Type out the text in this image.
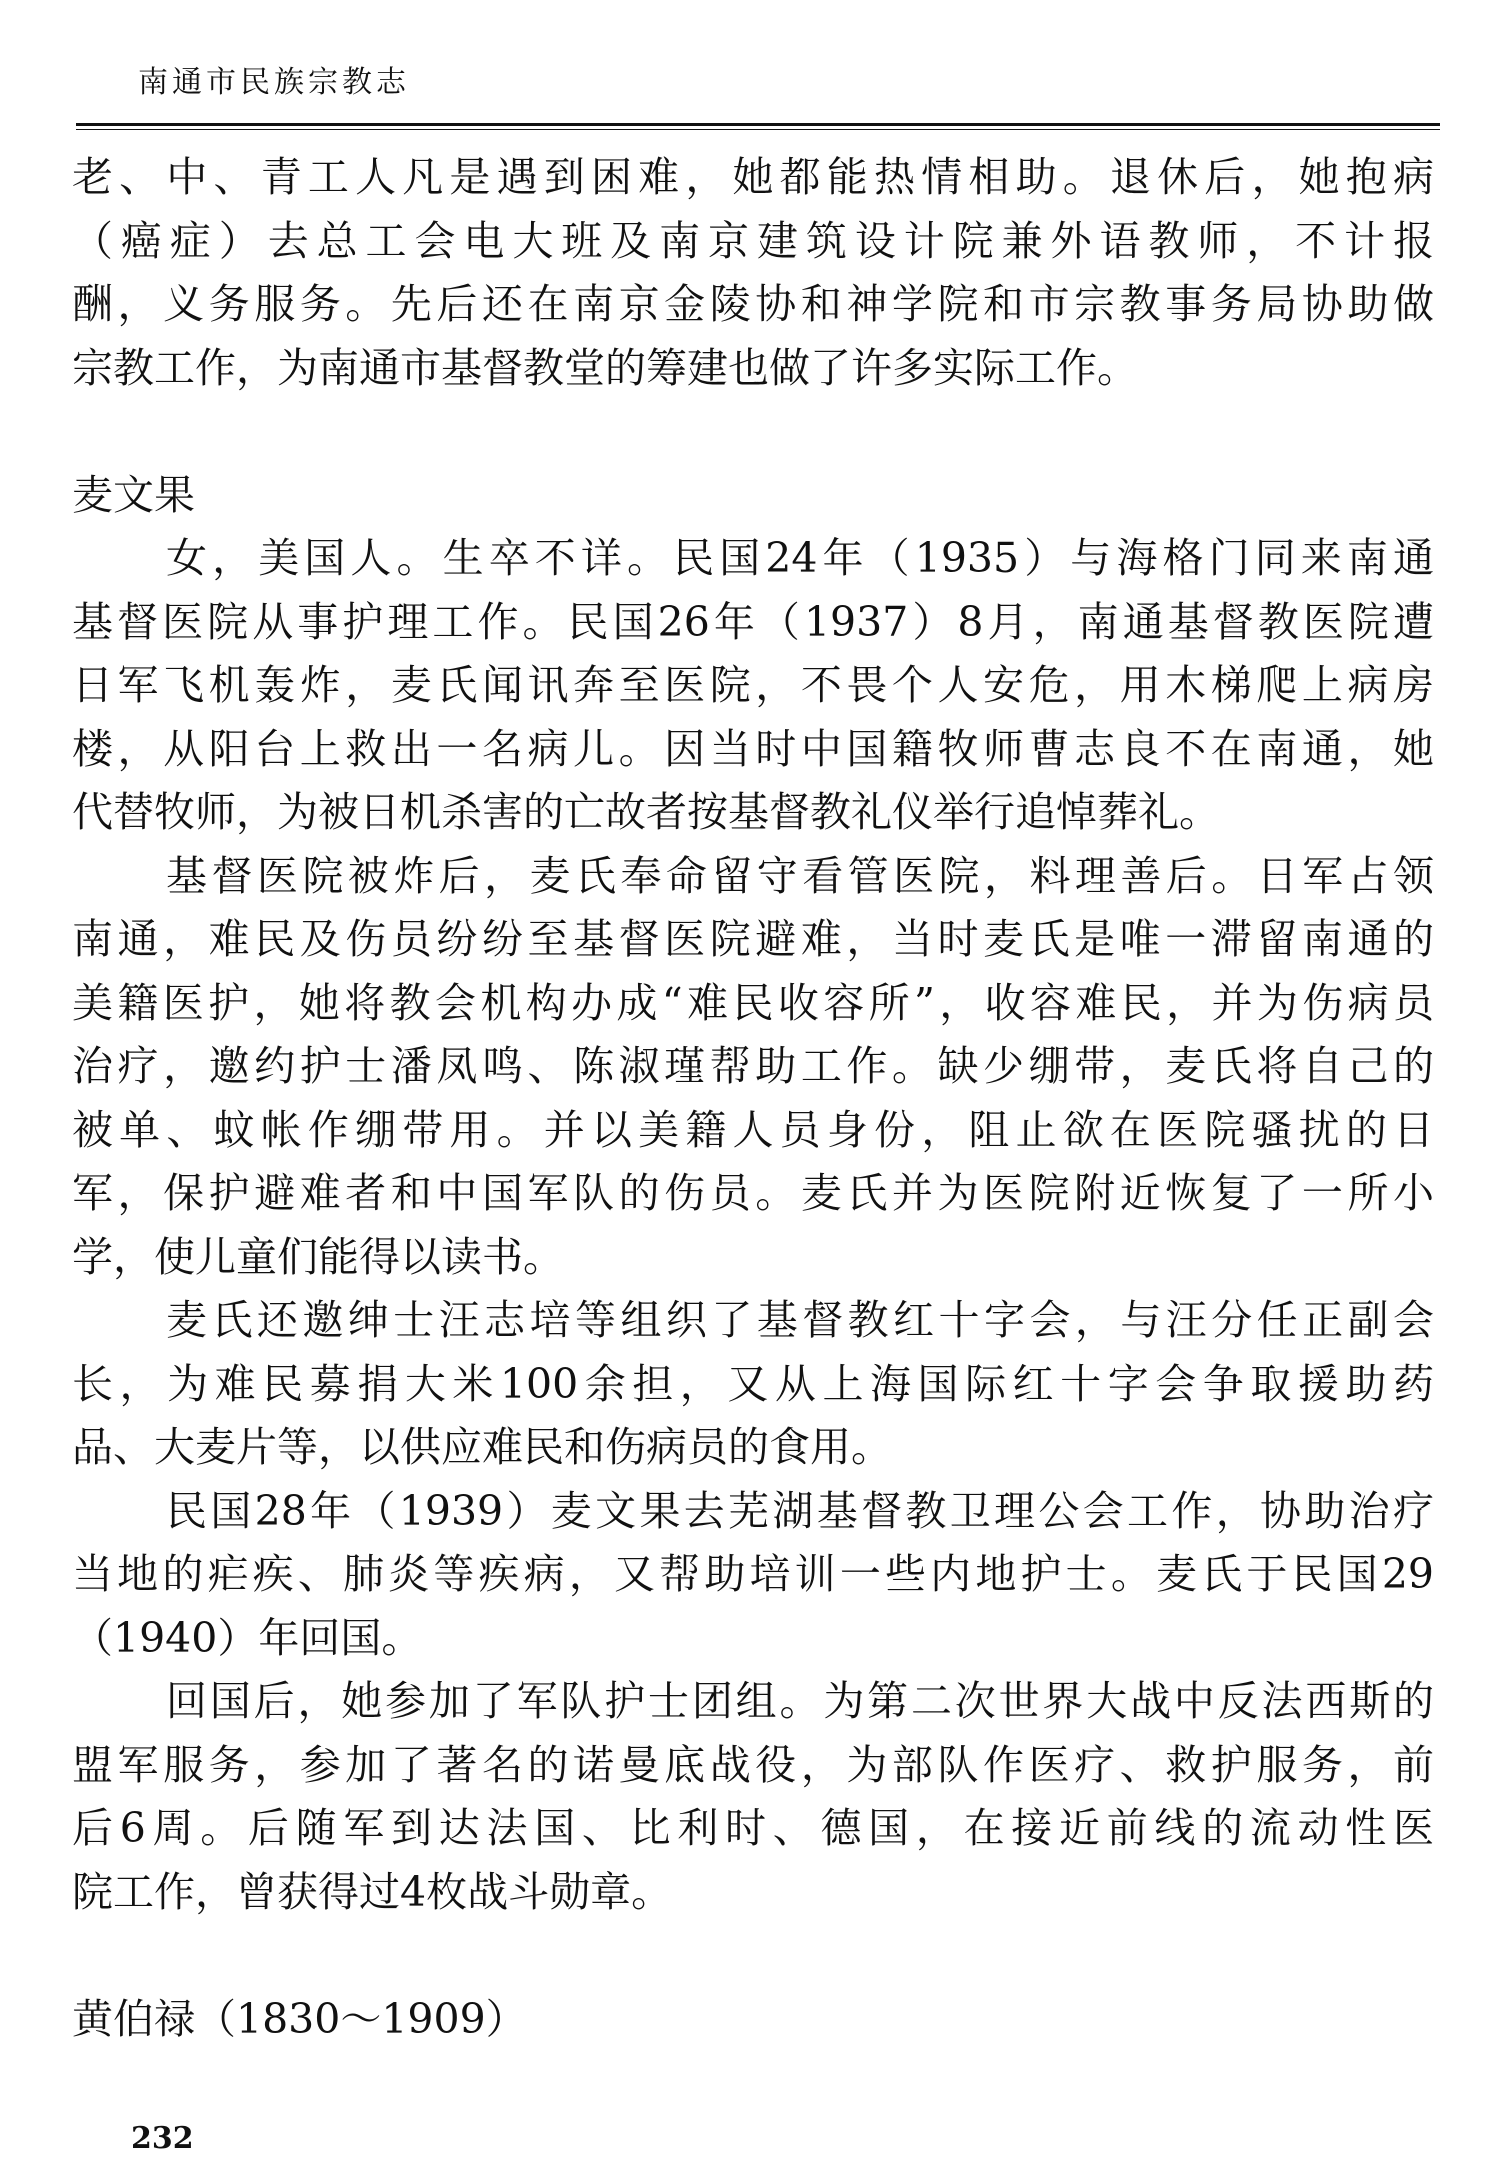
南通市民族宗教志
老、中、青工人凡是遇到困难，她都能热情相助。退休后，她抱病
（癌症）去总工会电大班及南京建筑设计院兼外语教师，不计报
酬，义务服务。先后还在南京金陵协和神学院和市宗教事务局协助做
宗教工作，为南通市基督教堂的筹建也做了许多实际工作。
麦文果
女，美国人。生卒不详。民国24年（1935）与海格门同来南通
基督医院从事护理工作。民国26年（1937）8月，南通基督教医院遭
日军飞机轰炸，麦氏闻讯奔至医院，不畏个人安危，用木梯爬上病房
楼，从阳台上救出一名病儿。因当时中国籍牧师曹志良不在南通，她
代替牧师，为被日机杀害的亡故者按基督教礼仪举行追悼葬礼。
基督医院被炸后，麦氏奉命留守看管医院，料理善后。日军占领
南通，难民及伤员纷纷至基督医院避难，当时麦氏是唯一滞留南通的
美籍医护，她将教会机构办成“难民收容所”，收容难民，并为伤病员
治疗，邀约护士潘凤鸣、陈淑瑾帮助工作。缺少绷带，麦氏将自己的
被单、蚊帐作绷带用。并以美籍人员身份，阻止欲在医院骚扰的日
军，保护避难者和中国军队的伤员。麦氏并为医院附近恢复了一所小
学，使儿童们能得以读书。
麦氏还邀绅士汪志培等组织了基督教红十字会，与汪分任正副会
长，为难民募捐大米100余担，又从上海国际红十字会争取援助药
品、大麦片等，以供应难民和伤病员的食用。
民国28年（1939）麦文果去芜湖基督教卫理公会工作，协助治疗
当地的疟疾、肺炎等疾病，又帮助培训一些内地护士。麦氏于民国29
（1940）年回国。
回国后，她参加了军队护士团组。为第二次世界大战中反法西斯的
盟军服务，参加了著名的诺曼底战役，为部队作医疗、救护服务，前
后6周。后随军到达法国、比利时、德国，在接近前线的流动性医
院工作，曾获得过4枚战斗勋章。
黄伯禄（1830～1909）
232
